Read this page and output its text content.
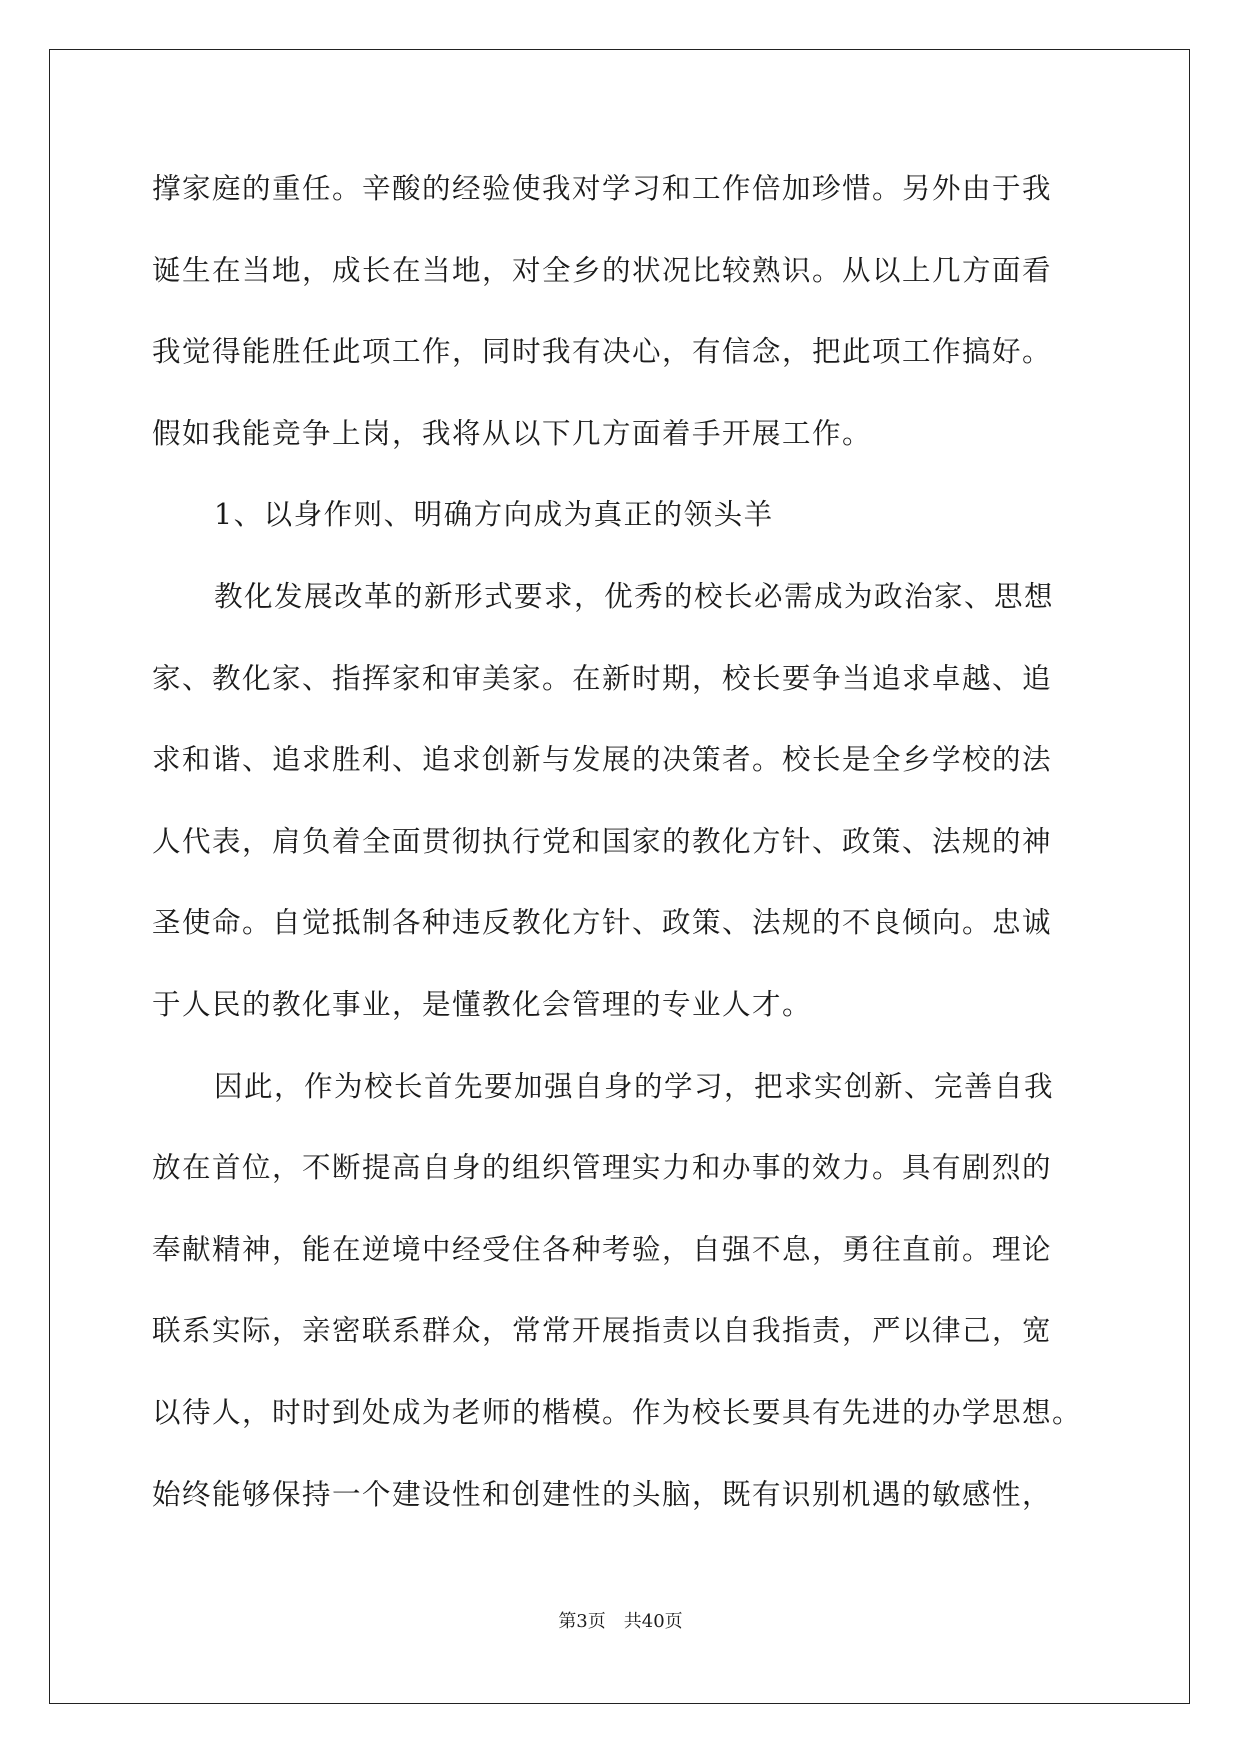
撑家庭的重任。辛酸的经验使我对学习和工作倍加珍惜。另外由于我
诞生在当地，成长在当地，对全乡的状况比较熟识。从以上几方面看
我觉得能胜任此项工作，同时我有决心，有信念，把此项工作搞好。
假如我能竞争上岗，我将从以下几方面着手开展工作。
1、以身作则、明确方向成为真正的领头羊
教化发展改革的新形式要求，优秀的校长必需成为政治家、思想
家、教化家、指挥家和审美家。在新时期，校长要争当追求卓越、追
求和谐、追求胜利、追求创新与发展的决策者。校长是全乡学校的法
人代表，肩负着全面贯彻执行党和国家的教化方针、政策、法规的神
圣使命。自觉抵制各种违反教化方针、政策、法规的不良倾向。忠诚
于人民的教化事业，是懂教化会管理的专业人才。
因此，作为校长首先要加强自身的学习，把求实创新、完善自我
放在首位，不断提高自身的组织管理实力和办事的效力。具有剧烈的
奉献精神，能在逆境中经受住各种考验，自强不息，勇往直前。理论
联系实际，亲密联系群众，常常开展指责以自我指责，严以律己，宽
以待人，时时到处成为老师的楷模。作为校长要具有先进的办学思想。
始终能够保持一个建设性和创建性的头脑，既有识别机遇的敏感性，
第3页　共40页
